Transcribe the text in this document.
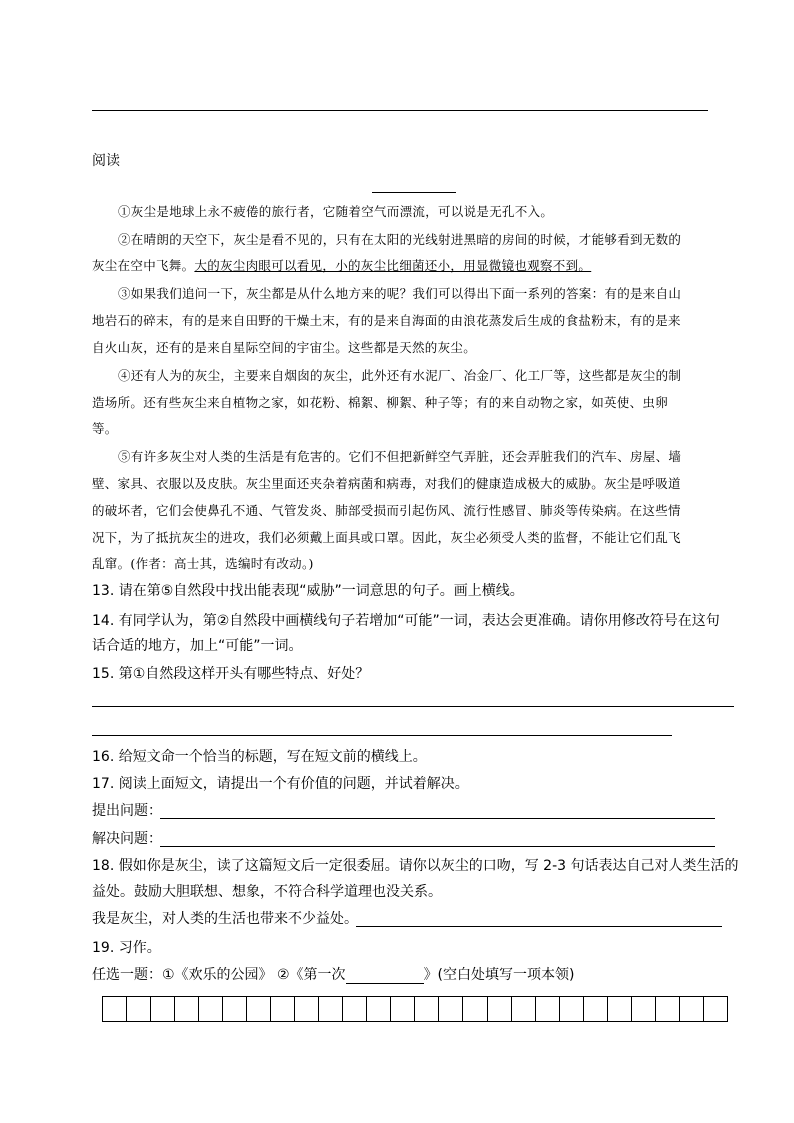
阅读
①灰尘是地球上永不疲倦的旅行者，它随着空气而漂流，可以说是无孔不入。
②在晴朗的天空下，灰尘是看不见的，只有在太阳的光线射进黑暗的房间的时候，才能够看到无数的
灰尘在空中飞舞。大的灰尘肉眼可以看见，小的灰尘比细菌还小，用显微镜也观察不到。
③如果我们追问一下，灰尘都是从什么地方来的呢？我们可以得出下面一系列的答案：有的是来自山
地岩石的碎末，有的是来自田野的干燥土末，有的是来自海面的由浪花蒸发后生成的食盐粉末，有的是来
自火山灰，还有的是来自星际空间的宇宙尘。这些都是天然的灰尘。
④还有人为的灰尘，主要来自烟囱的灰尘，此外还有水泥厂、冶金厂、化工厂等，这些都是灰尘的制
造场所。还有些灰尘来自植物之家，如花粉、棉絮、柳絮、种子等；有的来自动物之家，如英使、虫卵
等。
⑤有许多灰尘对人类的生活是有危害的。它们不但把新鲜空气弄脏，还会弄脏我们的汽车、房屋、墙
壁、家具、衣服以及皮肤。灰尘里面还夹杂着病菌和病毒，对我们的健康造成极大的威胁。灰尘是呼吸道
的破坏者，它们会使鼻孔不通、气管发炎、肺部受损而引起伤风、流行性感冒、肺炎等传染病。在这些情
况下，为了抵抗灰尘的进攻，我们必须戴上面具或口罩。因此，灰尘必须受人类的监督，不能让它们乱飞
乱窜。(作者：高士其，选编时有改动。)
13. 请在第⑤自然段中找出能表现“威胁”一词意思的句子。画上横线。
14. 有同学认为，第②自然段中画横线句子若增加“可能”一词，表达会更准确。请你用修改符号在这句
话合适的地方，加上“可能”一词。
15. 第①自然段这样开头有哪些特点、好处？
16. 给短文命一个恰当的标题，写在短文前的横线上。
17. 阅读上面短文，请提出一个有价值的问题，并试着解决。
提出问题：
解决问题：
18. 假如你是灰尘，读了这篇短文后一定很委屈。请你以灰尘的口吻，写 2-3 句话表达自己对人类生活的
益处。鼓励大胆联想、想象，不符合科学道理也没关系。
我是灰尘，对人类的生活也带来不少益处。
19. 习作。
任选一题：①《欢乐的公园》 ②《第一次	》(空白处填写一项本领)
